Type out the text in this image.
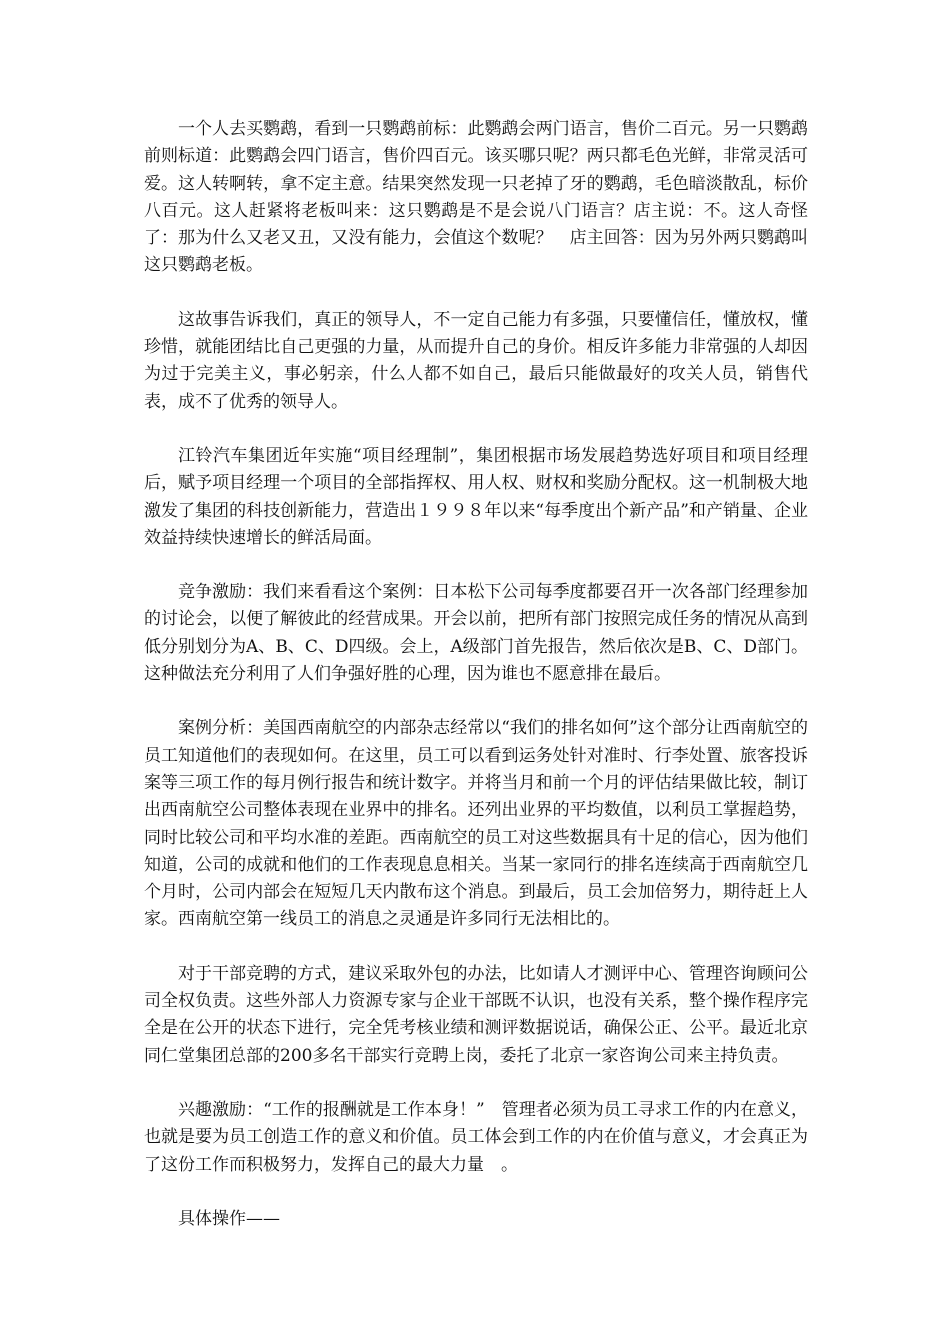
一个人去买鹦鹉，看到一只鹦鹉前标：此鹦鹉会两门语言，售价二百元。另一只鹦鹉前则标道：此鹦鹉会四门语言，售价四百元。该买哪只呢？两只都毛色光鲜，非常灵活可爱。这人转啊转，拿不定主意。结果突然发现一只老掉了牙的鹦鹉，毛色暗淡散乱，标价八百元。这人赶紧将老板叫来：这只鹦鹉是不是会说八门语言？店主说：不。这人奇怪了：那为什么又老又丑，又没有能力，会值这个数呢？　店主回答：因为另外两只鹦鹉叫这只鹦鹉老板。

这故事告诉我们，真正的领导人，不一定自己能力有多强，只要懂信任，懂放权，懂珍惜，就能团结比自己更强的力量，从而提升自己的身价。相反许多能力非常强的人却因为过于完美主义，事必躬亲，什么人都不如自己，最后只能做最好的攻关人员，销售代表，成不了优秀的领导人。

江铃汽车集团近年实施“项目经理制”，集团根据市场发展趋势选好项目和项目经理后，赋予项目经理一个项目的全部指挥权、用人权、财权和奖励分配权。这一机制极大地激发了集团的科技创新能力，营造出１９９８年以来“每季度出个新产品”和产销量、企业效益持续快速增长的鲜活局面。

竞争激励：我们来看看这个案例：日本松下公司每季度都要召开一次各部门经理参加的讨论会，以便了解彼此的经营成果。开会以前，把所有部门按照完成任务的情况从高到低分别划分为A、B、C、D四级。会上，A级部门首先报告，然后依次是B、C、D部门。这种做法充分利用了人们争强好胜的心理，因为谁也不愿意排在最后。

案例分析：美国西南航空的内部杂志经常以“我们的排名如何”这个部分让西南航空的员工知道他们的表现如何。在这里，员工可以看到运务处针对准时、行李处置、旅客投诉案等三项工作的每月例行报告和统计数字。并将当月和前一个月的评估结果做比较，制订出西南航空公司整体表现在业界中的排名。还列出业界的平均数值，以利员工掌握趋势，同时比较公司和平均水准的差距。西南航空的员工对这些数据具有十足的信心，因为他们知道，公司的成就和他们的工作表现息息相关。当某一家同行的排名连续高于西南航空几个月时，公司内部会在短短几天内散布这个消息。到最后，员工会加倍努力，期待赶上人家。西南航空第一线员工的消息之灵通是许多同行无法相比的。

对于干部竞聘的方式，建议采取外包的办法，比如请人才测评中心、管理咨询顾问公司全权负责。这些外部人力资源专家与企业干部既不认识，也没有关系，整个操作程序完全是在公开的状态下进行，完全凭考核业绩和测评数据说话，确保公正、公平。最近北京同仁堂集团总部的200多名干部实行竞聘上岗，委托了北京一家咨询公司来主持负责。

兴趣激励：“工作的报酬就是工作本身！”　管理者必须为员工寻求工作的内在意义，也就是要为员工创造工作的意义和价值。员工体会到工作的内在价值与意义，才会真正为了这份工作而积极努力，发挥自己的最大力量　。

具体操作——
